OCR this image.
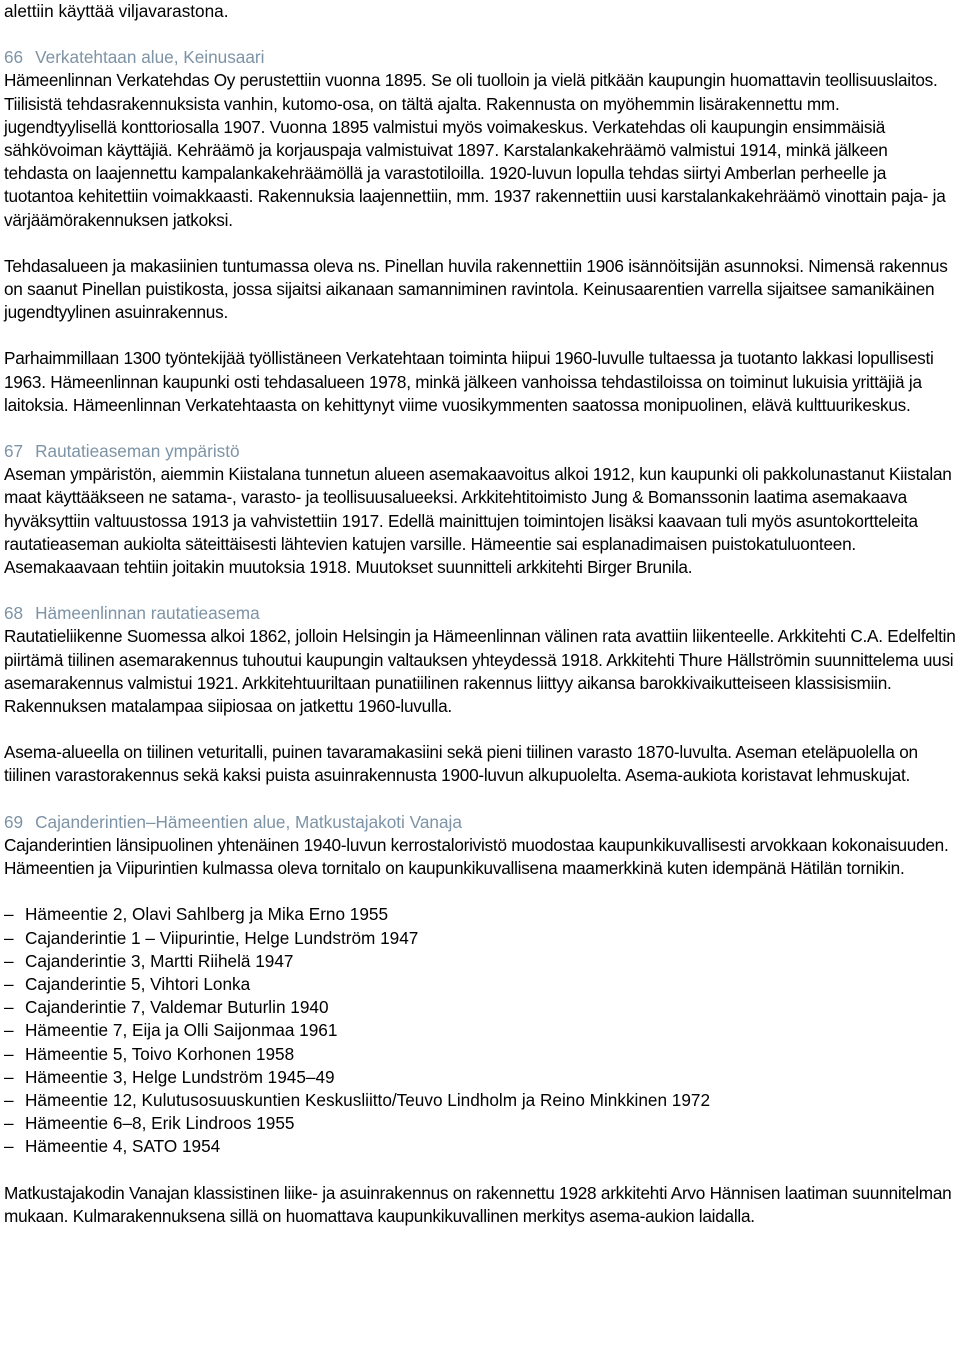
alettiin käyttää viljavarastona.

66 Verkatehtaan alue, Keinusaari

Hämeenlinnan Verkatehdas Oy perustettiin vuonna 1895. Se oli tuolloin ja vielä pitkään kaupungin huomattavin teollisuuslaitos. Tiilisistä tehdasrakennuksista vanhin, kutomo-osa, on tältä ajalta. Rakennusta on myöhemmin lisärakennettu mm. jugendtyylisellä konttoriosalla 1907. Vuonna 1895 valmistui myös voimakeskus. Verkatehdas oli kaupungin ensimmäisiä sähkövoiman käyttäjiä. Kehräämö ja korjauspaja valmistuivat 1897. Karstalankakehräämö valmistui 1914, minkä jälkeen tehdasta on laajennettu kampalankakehräämöllä ja varastotiloilla. 1920-luvun lopulla tehdas siirtyi Amberlan perheelle ja tuotantoa kehitettiin voimakkaasti. Rakennuksia laajennettiin, mm. 1937 rakennettiin uusi karstalankakehräämö vinottain paja- ja värjäämörakennuksen jatkoksi.

Tehdasalueen ja makasiinien tuntumassa oleva ns. Pinellan huvila rakennettiin 1906 isännöitsijän asunnoksi. Nimensä rakennus on saanut Pinellan puistikosta, jossa sijaitsi aikanaan samanniminen ravintola. Keinusaarentien varrella sijaitsee samanikäinen jugendtyylinen asuinrakennus.

Parhaimmillaan 1300 työntekijää työllistäneen Verkatehtaan toiminta hiipui 1960-luvulle tultaessa ja tuotanto lakkasi lopullisesti 1963. Hämeenlinnan kaupunki osti tehdasalueen 1978, minkä jälkeen vanhoissa tehdastiloissa on toiminut lukuisia yrittäjiä ja laitoksia. Hämeenlinnan Verkatehtaasta on kehittynyt viime vuosikymmenten saatossa monipuolinen, elävä kulttuurikeskus.

67 Rautatieaseman ympäristö

Aseman ympäristön, aiemmin Kiistalana tunnetun alueen asemakaavoitus alkoi 1912, kun kaupunki oli pakkolunastanut Kiistalan maat käyttääkseen ne satama-, varasto- ja teollisuusalueeksi. Arkkitehtitoimisto Jung & Bomanssonin laatima asemakaava hyväksyttiin valtuustossa 1913 ja vahvistettiin 1917. Edellä mainittujen toimintojen lisäksi kaavaan tuli myös asuntokortteleita rautatieaseman aukiolta säteittäisesti lähtevien katujen varsille. Hämeentie sai esplanadimaisen puistokatuluonteen. Asemakaavaan tehtiin joitakin muutoksia 1918. Muutokset suunnitteli arkkitehti Birger Brunila.

68 Hämeenlinnan rautatieasema

Rautatieliikenne Suomessa alkoi 1862, jolloin Helsingin ja Hämeenlinnan välinen rata avattiin liikenteelle. Arkkitehti C.A. Edelfeltin piirtämä tiilinen asemarakennus tuhoutui kaupungin valtauksen yhteydessä 1918. Arkkitehti Thure Hällströmin suunnittelema uusi asemarakennus valmistui 1921. Arkkitehtuuriltaan punatiilinen rakennus liittyy aikansa barokkivaikutteiseen klassisismiin. Rakennuksen matalampaa siipiosaa on jatkettu 1960-luvulla.

Asema-alueella on tiilinen veturitalli, puinen tavaramakasiini sekä pieni tiilinen varasto 1870-luvulta. Aseman eteläpuolella on tiilinen varastorakennus sekä kaksi puista asuinrakennusta 1900-luvun alkupuolelta. Asema-aukiota koristavat lehmuskujat.

69 Cajanderintien–Hämeentien alue, Matkustajakoti Vanaja

Cajanderintien länsipuolinen yhtenäinen 1940-luvun kerrostalorivistö muodostaa kaupunkikuvallisesti arvokkaan kokonaisuuden. Hämeentien ja Viipurintien kulmassa oleva tornitalo on kaupunkikuvallisena maamerkkinä kuten idempänä Hätilän tornikin.

– Hämeentie 2, Olavi Sahlberg ja Mika Erno 1955
– Cajanderintie 1 – Viipurintie, Helge Lundström 1947
– Cajanderintie 3, Martti Riihelä 1947
– Cajanderintie 5, Vihtori Lonka
– Cajanderintie 7, Valdemar Buturlin 1940
– Hämeentie 7, Eija ja Olli Saijonmaa 1961
– Hämeentie 5, Toivo Korhonen 1958
– Hämeentie 3, Helge Lundström 1945–49
– Hämeentie 12, Kulutusosuuskuntien Keskusliitto/Teuvo Lindholm ja Reino Minkkinen 1972
– Hämeentie 6–8, Erik Lindroos 1955
– Hämeentie 4, SATO 1954

Matkustajakodin Vanajan klassistinen liike- ja asuinrakennus on rakennettu 1928 arkkitehti Arvo Hännisen laatiman suunnitelman mukaan. Kulmarakennuksena sillä on huomattava kaupunkikuvallinen merkitys asema-aukion laidalla.
